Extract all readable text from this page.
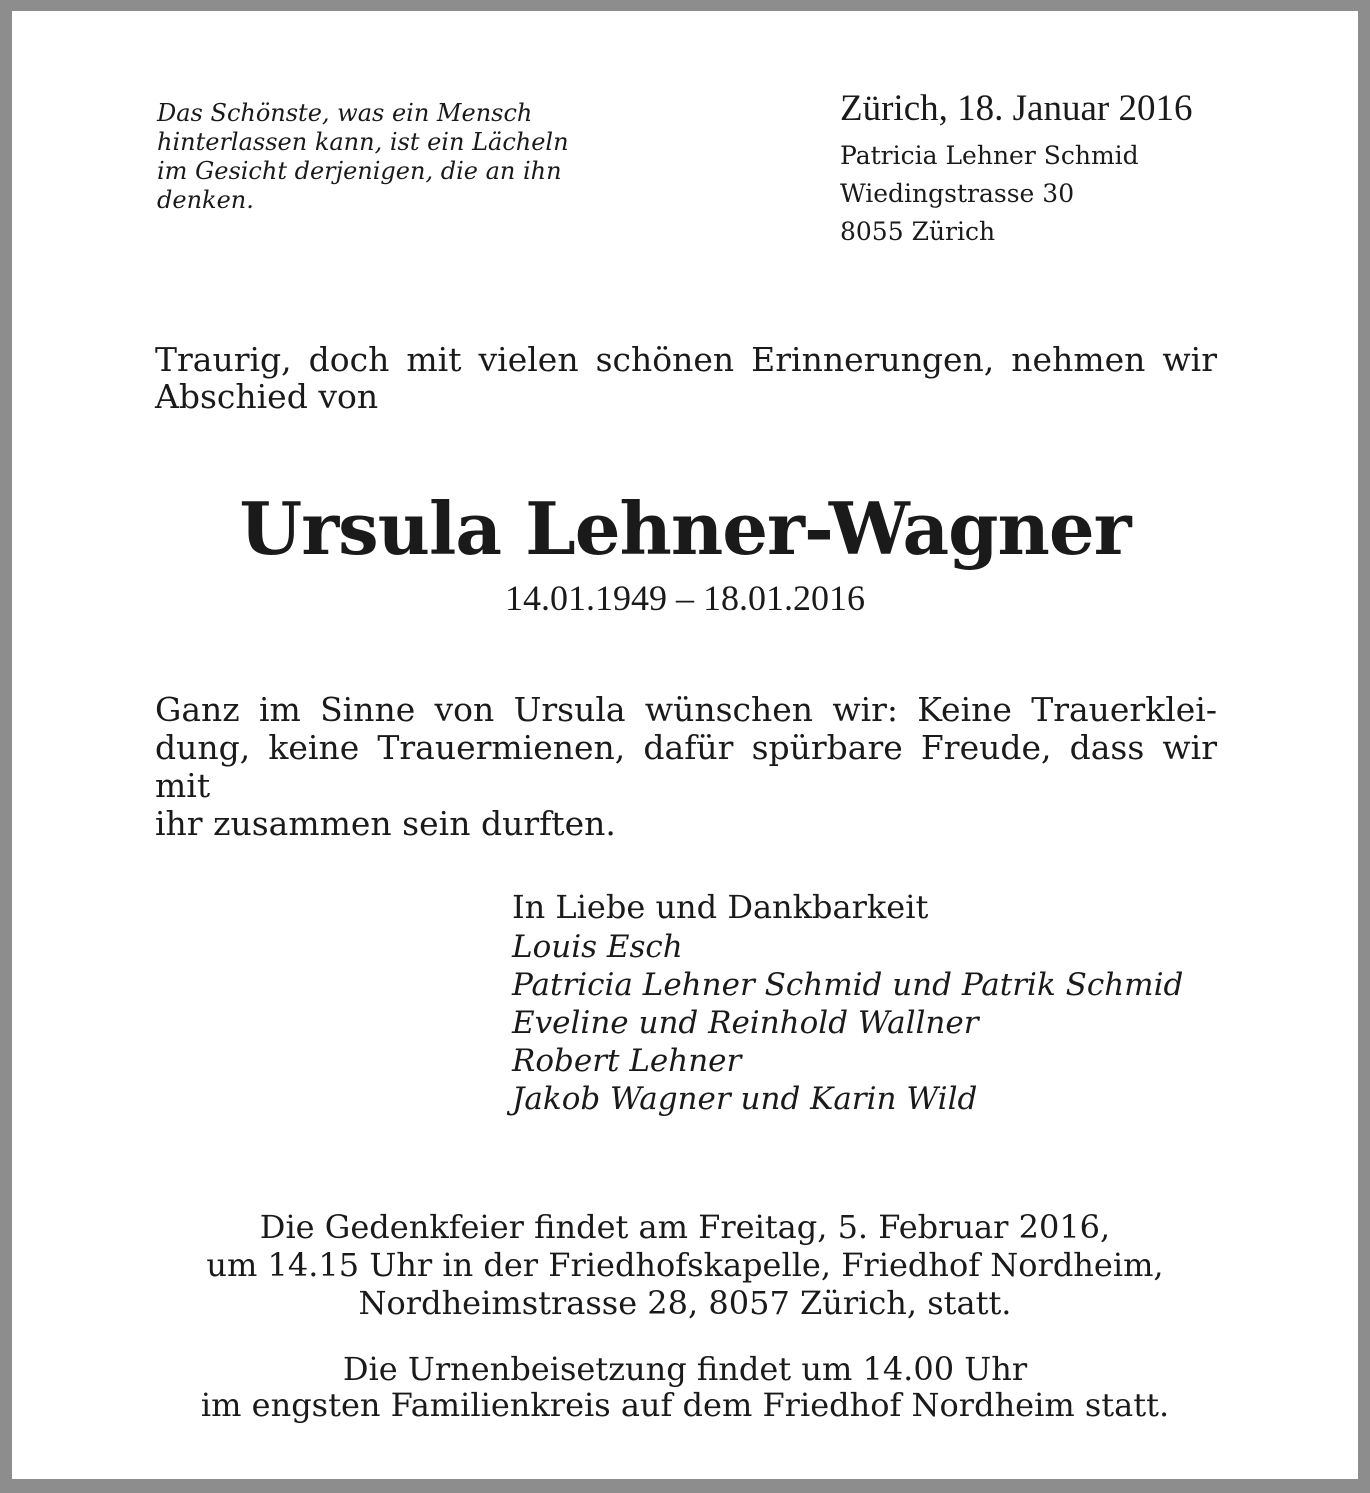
Das Schönste, was ein Mensch
hinterlassen kann, ist ein Lächeln
im Gesicht derjenigen, die an ihn
denken.

Zürich, 18. Januar 2016
Patricia Lehner Schmid
Wiedingstrasse 30
8055 Zürich

Traurig, doch mit vielen schönen Erinnerungen, nehmen wir Abschied von

Ursula Lehner-Wagner

14.01.1949 – 18.01.2016

Ganz im Sinne von Ursula wünschen wir: Keine Trauerklei-
dung, keine Trauermienen, dafür spürbare Freude, dass wir mit
ihr zusammen sein durften.

In Liebe und Dankbarkeit
Louis Esch
Patricia Lehner Schmid und Patrik Schmid
Eveline und Reinhold Wallner
Robert Lehner
Jakob Wagner und Karin Wild

Die Gedenkfeier findet am Freitag, 5. Februar 2016,
um 14.15 Uhr in der Friedhofskapelle, Friedhof Nordheim,
Nordheimstrasse 28, 8057 Zürich, statt.

Die Urnenbeisetzung findet um 14.00 Uhr
im engsten Familienkreis auf dem Friedhof Nordheim statt.
